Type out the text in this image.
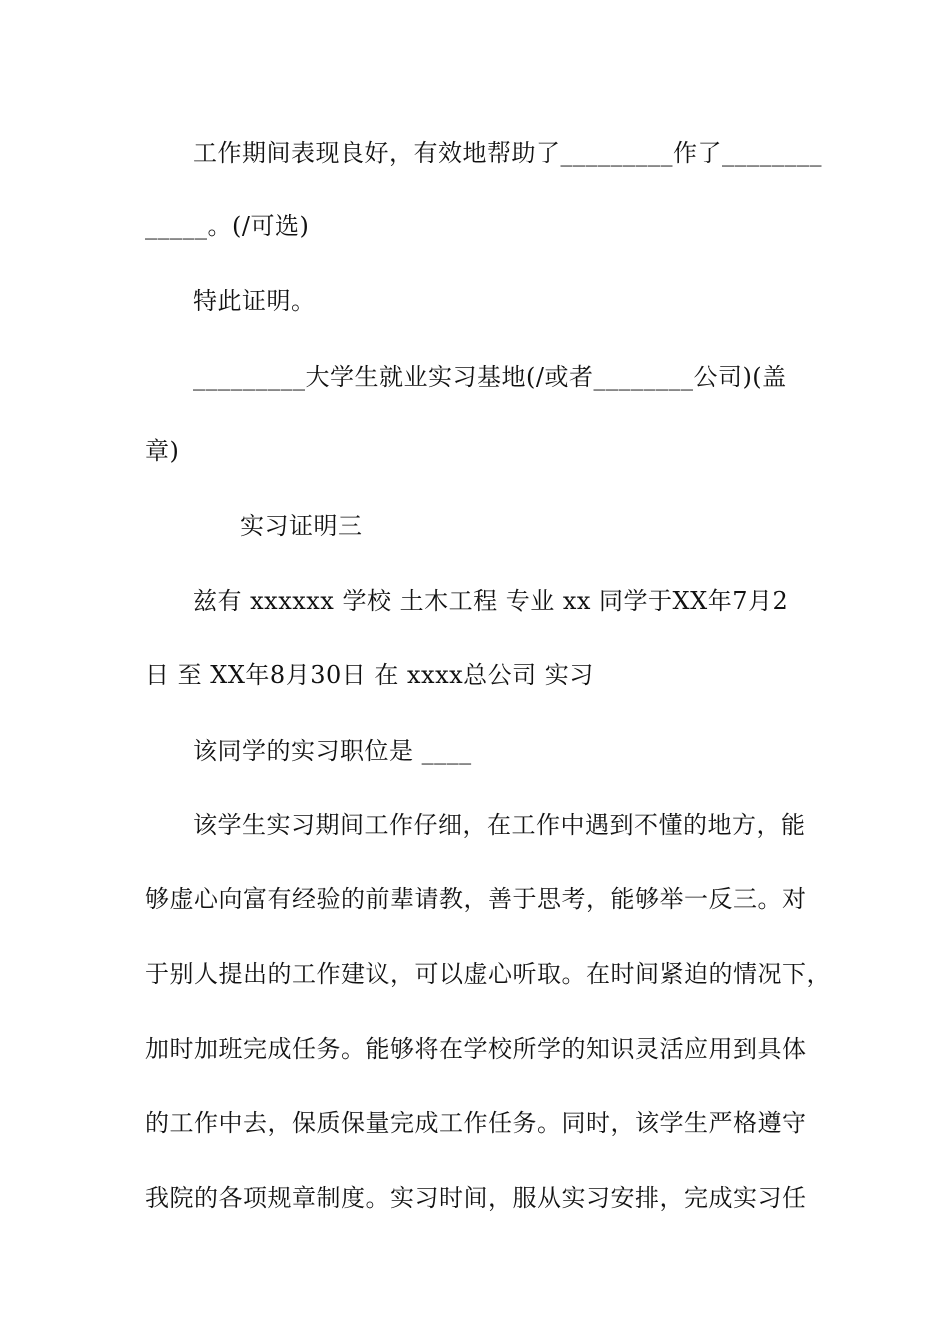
工作期间表现良好，有效地帮助了_________作了________
_____。(/可选)
特此证明。
_________大学生就业实习基地(/或者________公司)(盖
章)
实习证明三
兹有 xxxxxx 学校 土木工程 专业 xx 同学于XX年7月2
日 至 XX年8月30日 在 xxxx总公司 实习
该同学的实习职位是 ____
该学生实习期间工作仔细，在工作中遇到不懂的地方，能
够虚心向富有经验的前辈请教，善于思考，能够举一反三。对
于别人提出的工作建议，可以虚心听取。在时间紧迫的情况下，
加时加班完成任务。能够将在学校所学的知识灵活应用到具体
的工作中去，保质保量完成工作任务。同时，该学生严格遵守
我院的各项规章制度。实习时间，服从实习安排，完成实习任
